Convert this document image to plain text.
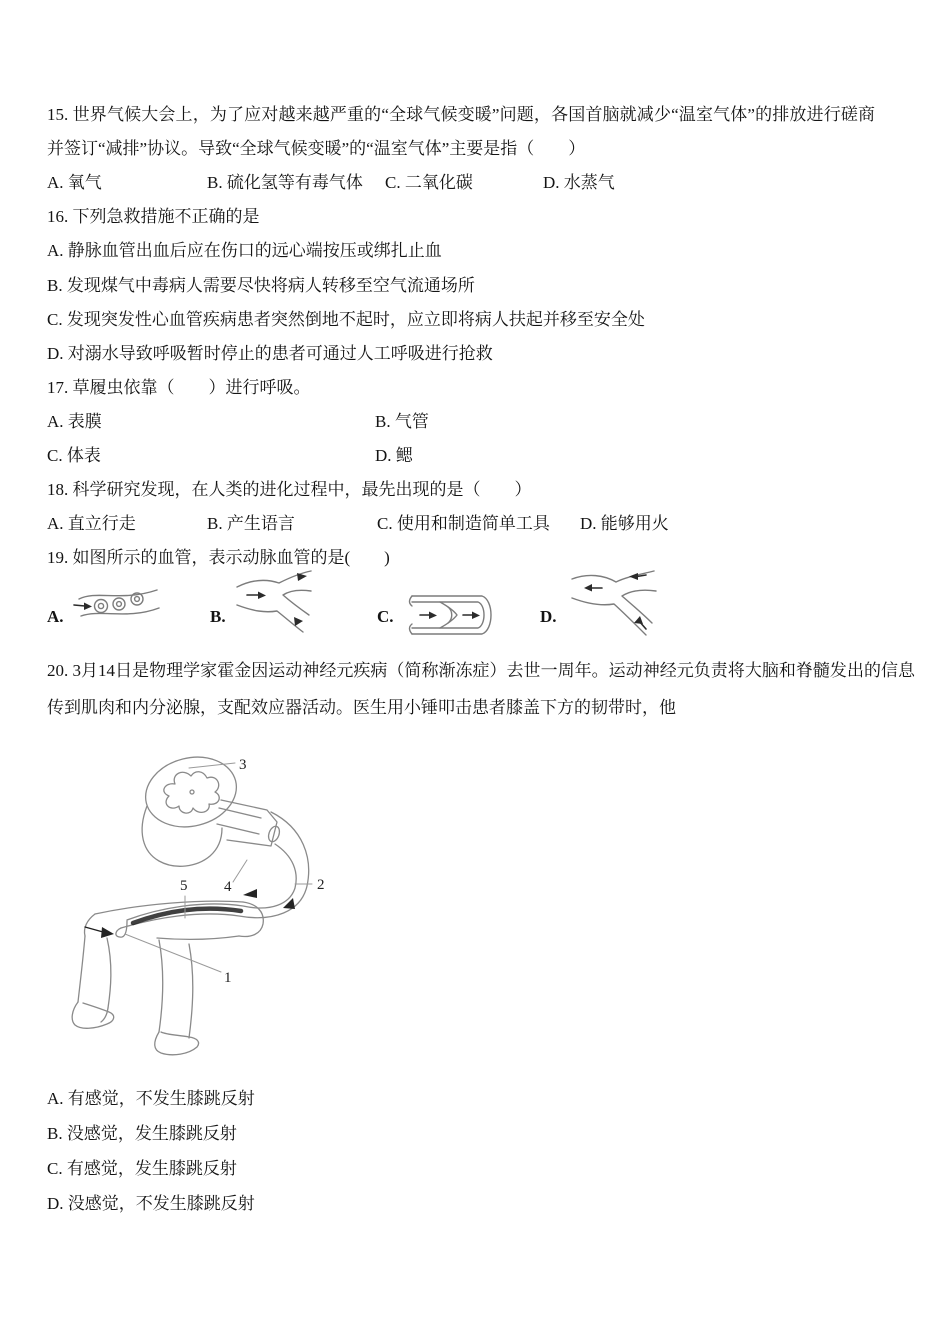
15. 世界气候大会上，为了应对越来越严重的“全球气候变暖”问题，各国首脑就减少“温室气体”的排放进行磋商并签订“减排”协议。导致“全球气候变暖”的“温室气体”主要是指（　　）

A. 氧气	B. 硫化氢等有毒气体 C. 二氧化碳	D. 水蒸气

16. 下列急救措施不正确的是

A. 静脉血管出血后应在伤口的远心端按压或绑扎止血

B. 发现煤气中毒病人需要尽快将病人转移至空气流通场所

C. 发现突发性心血管疾病患者突然倒地不起时，应立即将病人扶起并移至安全处

D. 对溺水导致呼吸暂时停止的患者可通过人工呼吸进行抢救

17. 草履虫依靠（　　）进行呼吸。

A. 表膜	B. 气管
C. 体表	D. 鳃

18. 科学研究发现，在人类的进化过程中，最先出现的是（　　）

A. 直立行走	B. 产生语言	C. 使用和制造简单工具 D. 能够用火

19. 如图所示的血管，表示动脉血管的是(　　)

A.	B.	C.	D.

20. 3月14日是物理学家霍金因运动神经元疾病（简称渐冻症）去世一周年。运动神经元负责将大脑和脊髓发出的信息传到肌肉和内分泌腺，支配效应器活动。医生用小锤叩击患者膝盖下方的韧带时，他

3
2
5 4
1

A. 有感觉，不发生膝跳反射

B. 没感觉，发生膝跳反射

C. 有感觉，发生膝跳反射

D. 没感觉，不发生膝跳反射
